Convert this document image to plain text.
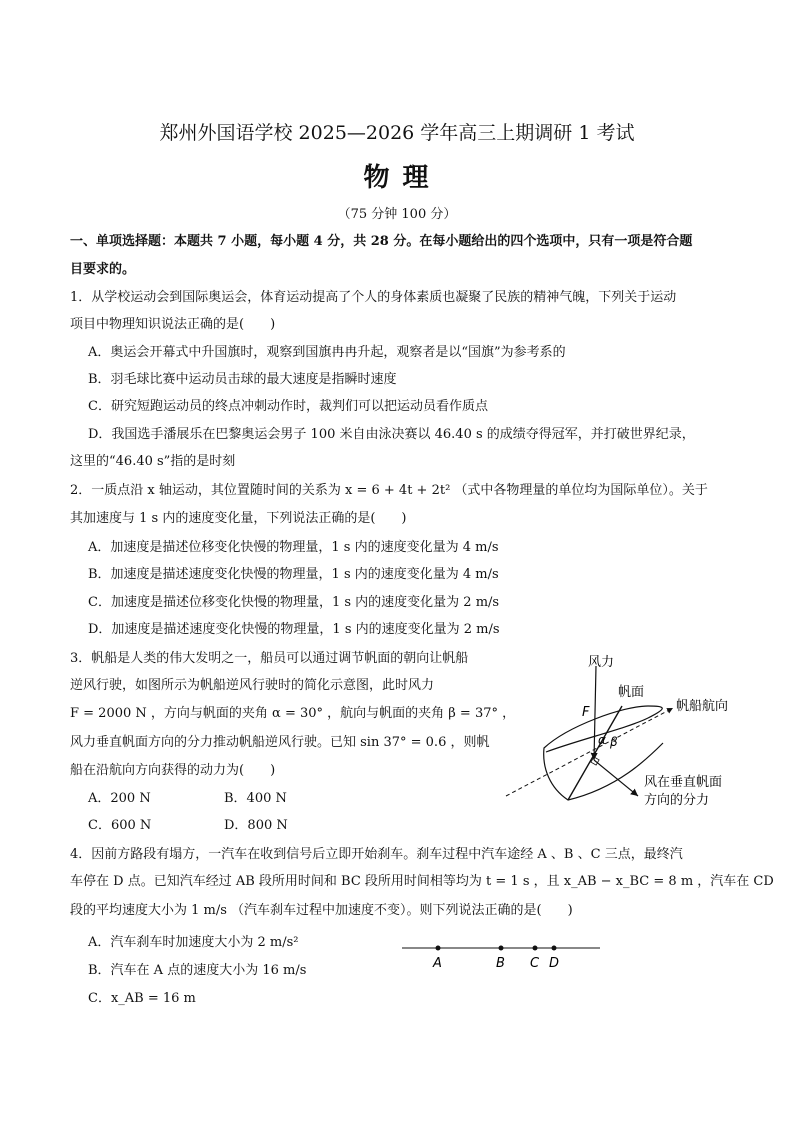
郑州外国语学校 2025—2026 学年高三上期调研 1 考试
物 理
（75 分钟 100 分）
一、单项选择题：本题共 7 小题，每小题 4 分，共 28 分。在每小题给出的四个选项中，只有一项是符合题
目要求的。
1．从学校运动会到国际奥运会，体育运动提高了个人的身体素质也凝聚了民族的精神气魄，下列关于运动
项目中物理知识说法正确的是(　　)
A．奥运会开幕式中升国旗时，观察到国旗冉冉升起，观察者是以“国旗”为参考系的
B．羽毛球比赛中运动员击球的最大速度是指瞬时速度
C．研究短跑运动员的终点冲刺动作时，裁判们可以把运动员看作质点
D．我国选手潘展乐在巴黎奥运会男子 100 米自由泳决赛以 46.40 s 的成绩夺得冠军，并打破世界纪录，
这里的“46.40 s”指的是时刻
2．一质点沿 x 轴运动，其位置随时间的关系为 x = 6 + 4t + 2t² （式中各物理量的单位均为国际单位）。关于
其加速度与 1 s 内的速度变化量，下列说法正确的是(　　)
A．加速度是描述位移变化快慢的物理量，1 s 内的速度变化量为 4 m/s
B．加速度是描述速度变化快慢的物理量，1 s 内的速度变化量为 4 m/s
C．加速度是描述位移变化快慢的物理量，1 s 内的速度变化量为 2 m/s
D．加速度是描述速度变化快慢的物理量，1 s 内的速度变化量为 2 m/s
3．帆船是人类的伟大发明之一，船员可以通过调节帆面的朝向让帆船
逆风行驶，如图所示为帆船逆风行驶时的简化示意图，此时风力
F = 2000 N ，方向与帆面的夹角 α = 30° ，航向与帆面的夹角 β = 37° ，
风力垂直帆面方向的分力推动帆船逆风行驶。已知 sin 37° = 0.6 ，则帆
船在沿航向方向获得的动力为(　　)
A．200 N	B．400 N
C．600 N	D．800 N
风力
帆面
帆船航向
F
α β
风在垂直帆面
方向的分力
4．因前方路段有塌方，一汽车在收到信号后立即开始刹车。刹车过程中汽车途经 A 、B 、C 三点，最终汽
车停在 D 点。已知汽车经过 AB 段所用时间和 BC 段所用时间相等均为 t = 1 s ，且 x_AB − x_BC = 8 m ，汽车在 CD
段的平均速度大小为 1 m/s （汽车刹车过程中加速度不变）。则下列说法正确的是(　　)
A．汽车刹车时加速度大小为 2 m/s²
B．汽车在 A 点的速度大小为 16 m/s
C．x_AB = 16 m
A	B C D
